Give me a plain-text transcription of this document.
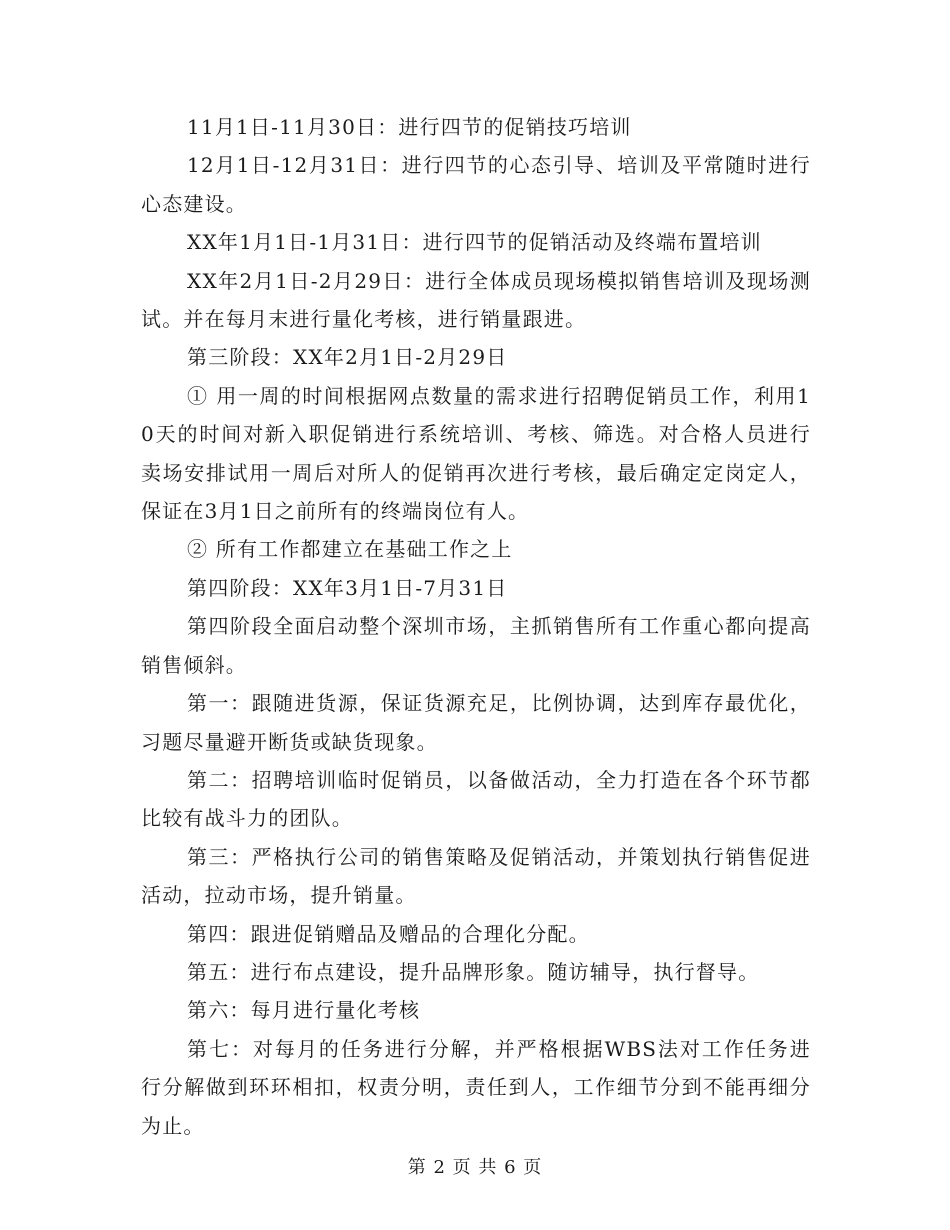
11月1日-11月30日：进行四节的促销技巧培训

12月1日-12月31日：进行四节的心态引导、培训及平常随时进行心态建设。

XX年1月1日-1月31日：进行四节的促销活动及终端布置培训

XX年2月1日-2月29日：进行全体成员现场模拟销售培训及现场测试。并在每月末进行量化考核，进行销量跟进。

第三阶段：XX年2月1日-2月29日

① 用一周的时间根据网点数量的需求进行招聘促销员工作，利用10天的时间对新入职促销进行系统培训、考核、筛选。对合格人员进行卖场安排试用一周后对所人的促销再次进行考核，最后确定定岗定人，保证在3月1日之前所有的终端岗位有人。

② 所有工作都建立在基础工作之上

第四阶段：XX年3月1日-7月31日

第四阶段全面启动整个深圳市场，主抓销售所有工作重心都向提高销售倾斜。

第一：跟随进货源，保证货源充足，比例协调，达到库存最优化，习题尽量避开断货或缺货现象。

第二：招聘培训临时促销员，以备做活动，全力打造在各个环节都比较有战斗力的团队。

第三：严格执行公司的销售策略及促销活动，并策划执行销售促进活动，拉动市场，提升销量。

第四：跟进促销赠品及赠品的合理化分配。

第五：进行布点建设，提升品牌形象。随访辅导，执行督导。

第六：每月进行量化考核

第七：对每月的任务进行分解，并严格根据WBS法对工作任务进行分解做到环环相扣，权责分明，责任到人，工作细节分到不能再细分为止。

第 2 页 共 6 页
